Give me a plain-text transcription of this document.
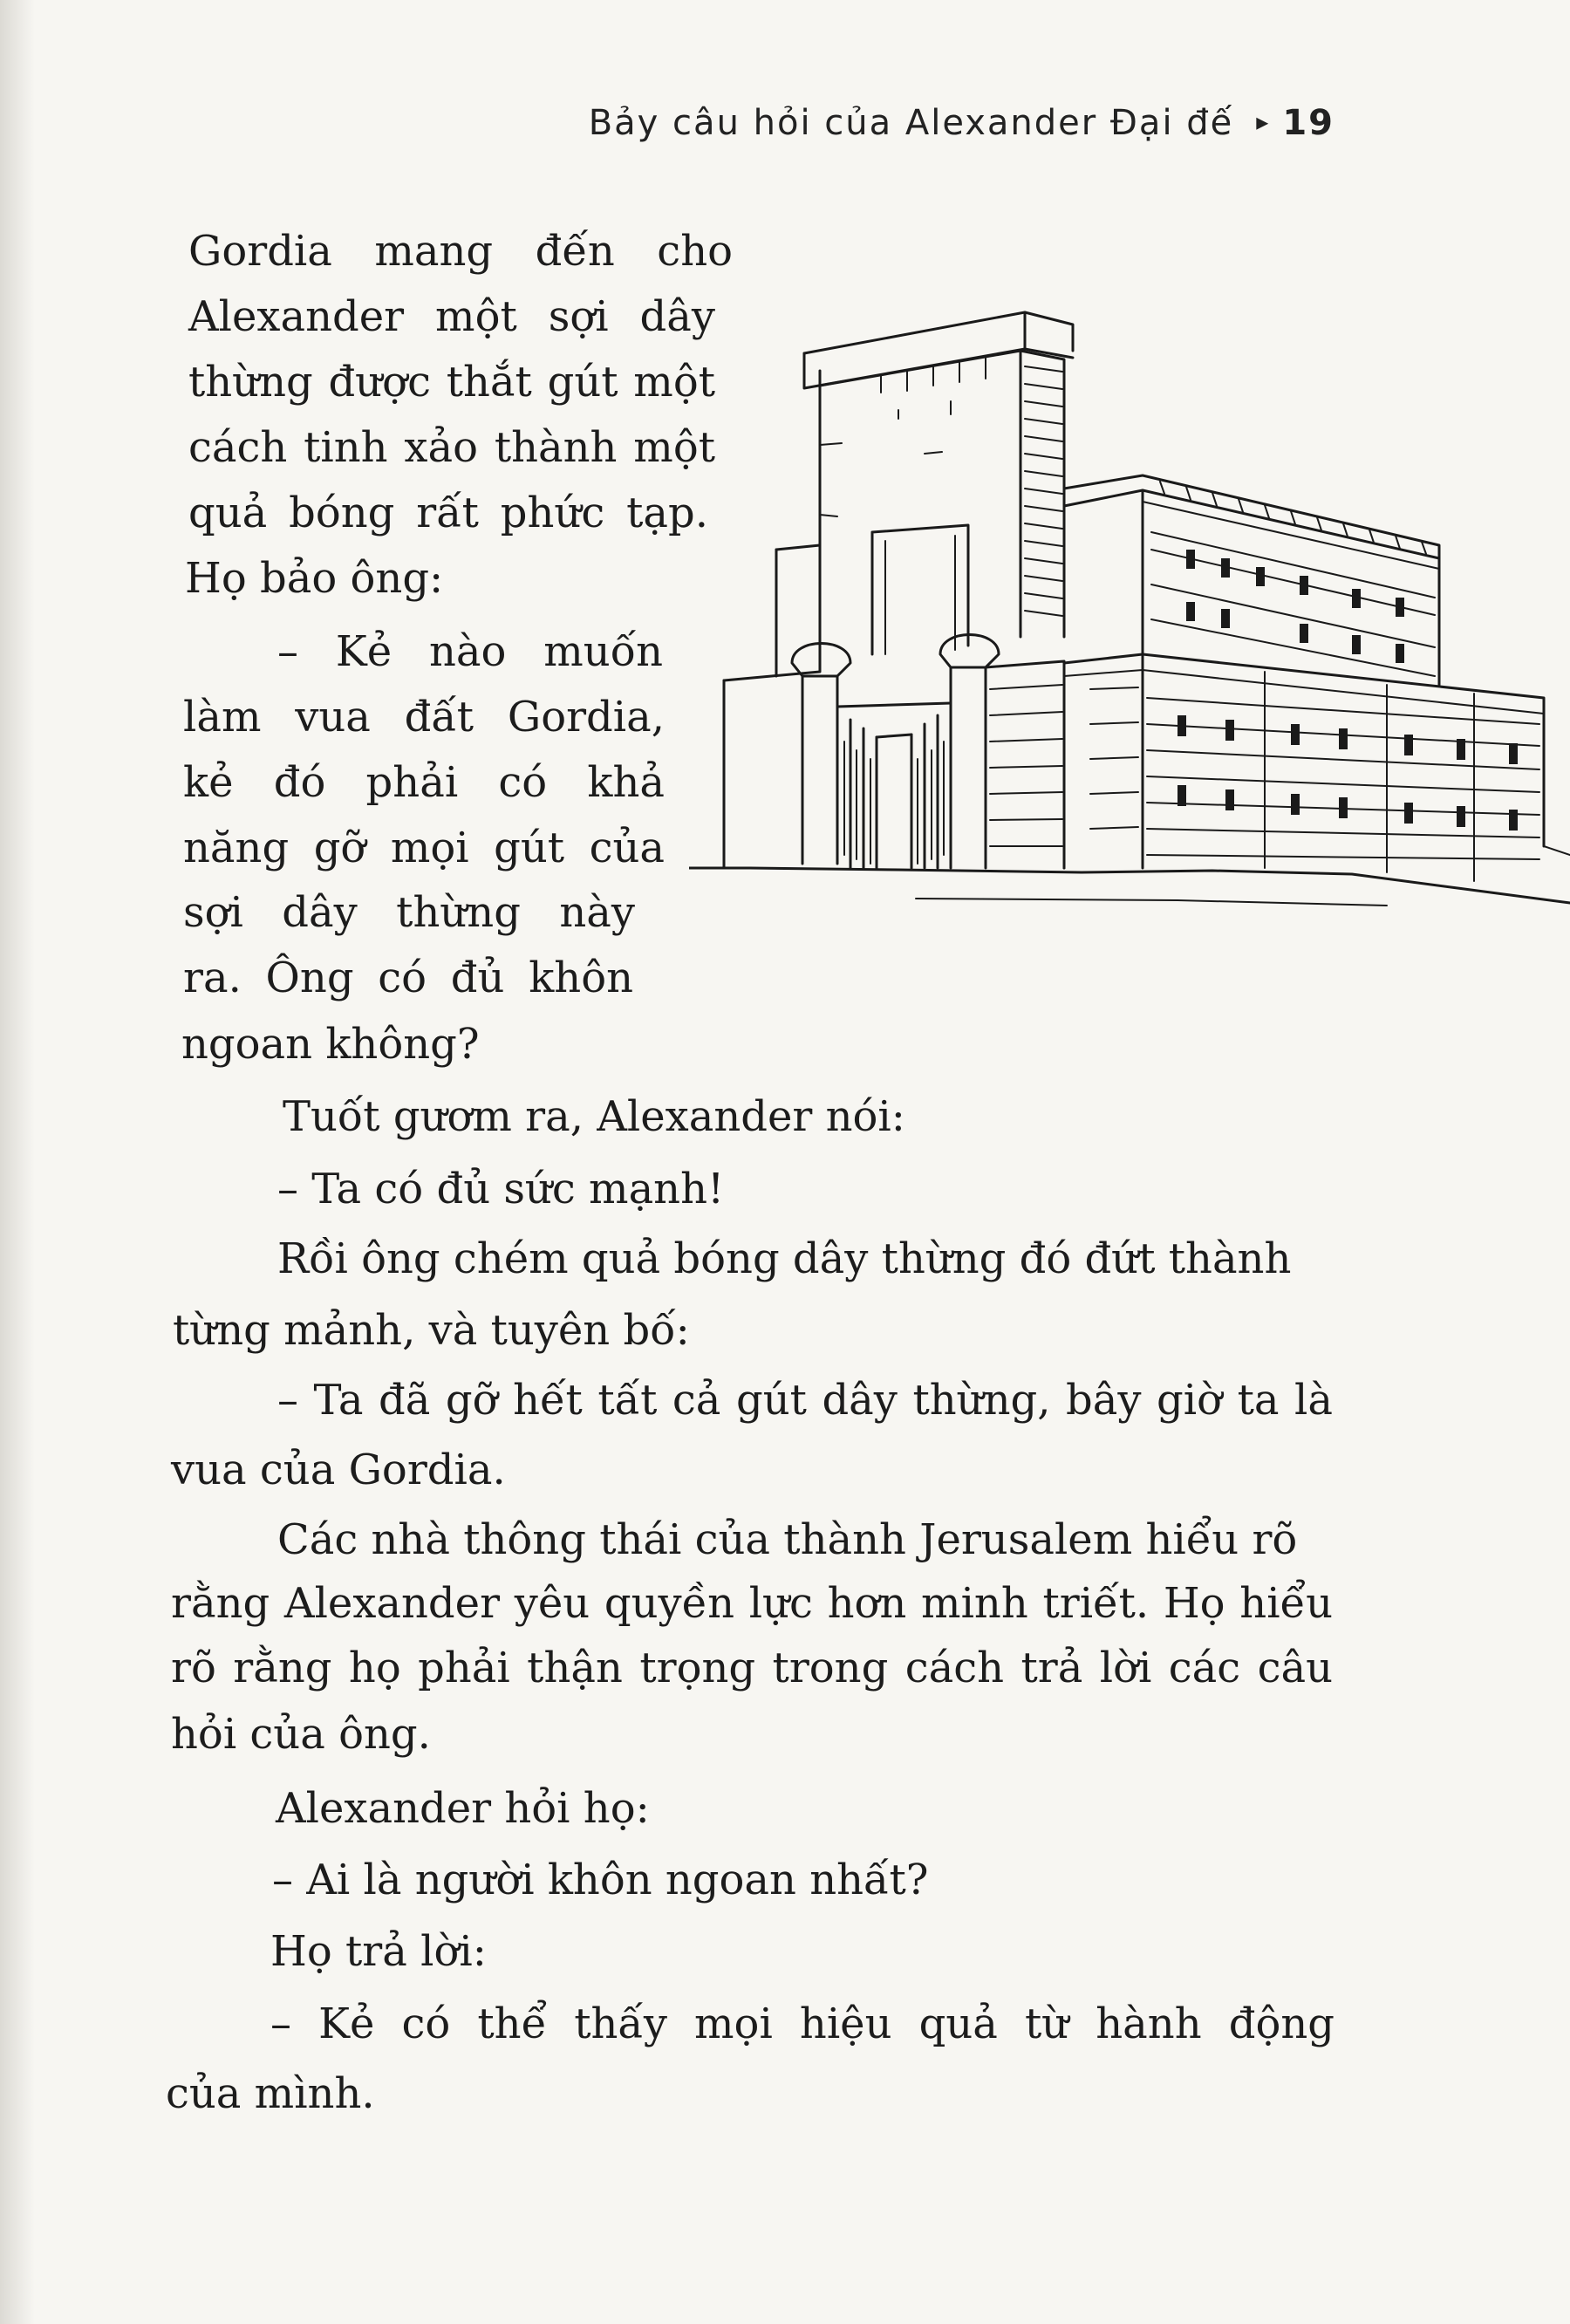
Bảy câu hỏi của Alexander Đại đế ▸ 19
Gordia mang đến cho
Alexander một sợi dây
thừng được thắt gút một
cách tinh xảo thành một
quả bóng rất phức tạp.
Họ bảo ông:
– Kẻ nào muốn
làm vua đất Gordia,
kẻ đó phải có khả
năng gỡ mọi gút của
sợi dây thừng này
ra. Ông có đủ khôn
ngoan không?
Tuốt gươm ra, Alexander nói:
– Ta có đủ sức mạnh!
Rồi ông chém quả bóng dây thừng đó đứt thành
từng mảnh, và tuyên bố:
– Ta đã gỡ hết tất cả gút dây thừng, bây giờ ta là
vua của Gordia.
Các nhà thông thái của thành Jerusalem hiểu rõ
rằng Alexander yêu quyền lực hơn minh triết. Họ hiểu
rõ rằng họ phải thận trọng trong cách trả lời các câu
hỏi của ông.
Alexander hỏi họ:
– Ai là người khôn ngoan nhất?
Họ trả lời:
– Kẻ có thể thấy mọi hiệu quả từ hành động
của mình.
